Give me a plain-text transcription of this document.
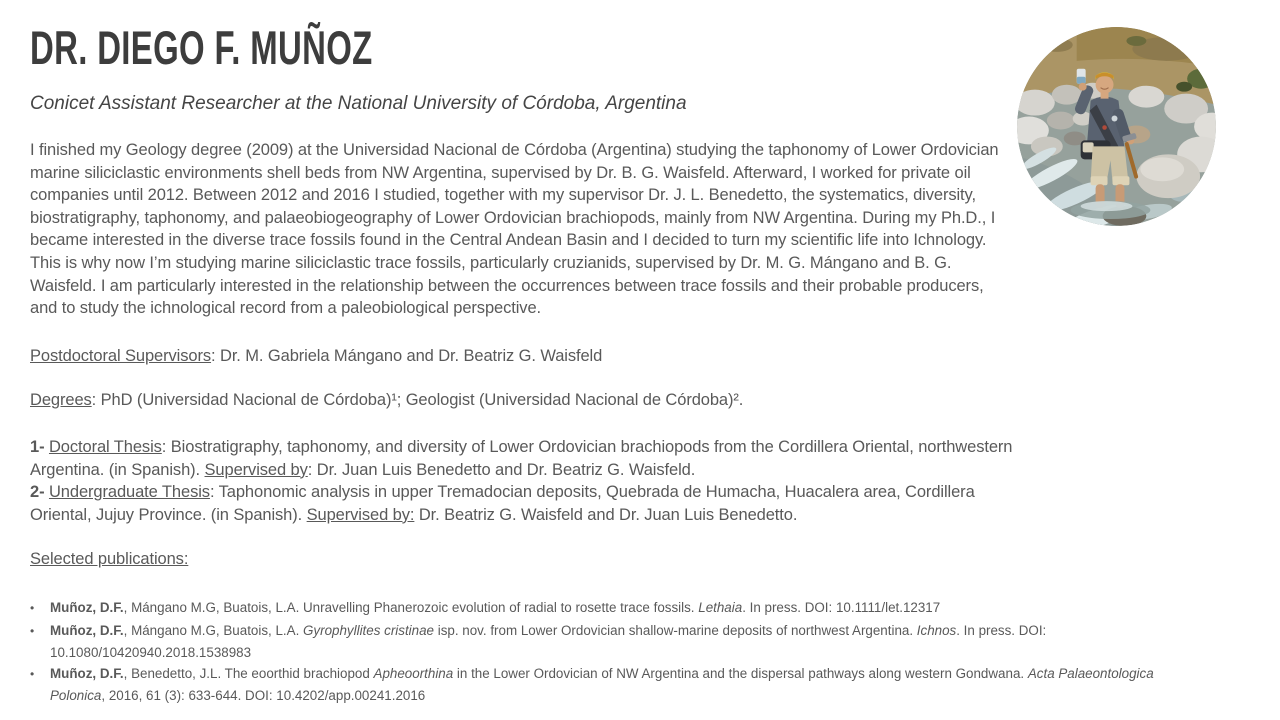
DR. DIEGO F. MUÑOZ
Conicet Assistant Researcher at the National University of Córdoba, Argentina

I finished my Geology degree (2009) at the Universidad Nacional de Córdoba (Argentina) studying the taphonomy of Lower Ordovician marine siliciclastic environments shell beds from NW Argentina, supervised by Dr. B. G. Waisfeld. Afterward, I worked for private oil companies until 2012. Between 2012 and 2016 I studied, together with my supervisor Dr. J. L. Benedetto, the systematics, diversity, biostratigraphy, taphonomy, and palaeobiogeography of Lower Ordovician brachiopods, mainly from NW Argentina. During my Ph.D., I became interested in the diverse trace fossils found in the Central Andean Basin and I decided to turn my scientific life into Ichnology. This is why now I’m studying marine siliciclastic trace fossils, particularly cruzianids, supervised by Dr. M. G. Mángano and B. G. Waisfeld. I am particularly interested in the relationship between the occurrences between trace fossils and their probable producers, and to study the ichnological record from a paleobiological perspective.

Postdoctoral Supervisors: Dr. M. Gabriela Mángano and Dr. Beatriz G. Waisfeld

Degrees: PhD (Universidad Nacional de Córdoba)¹; Geologist (Universidad Nacional de Córdoba)².

1- Doctoral Thesis: Biostratigraphy, taphonomy, and diversity of Lower Ordovician brachiopods from the Cordillera Oriental, northwestern Argentina. (in Spanish). Supervised by: Dr. Juan Luis Benedetto and Dr. Beatriz G. Waisfeld.

2- Undergraduate Thesis: Taphonomic analysis in upper Tremadocian deposits, Quebrada de Humacha, Huacalera area, Cordillera Oriental, Jujuy Province. (in Spanish). Supervised by: Dr. Beatriz G. Waisfeld and Dr. Juan Luis Benedetto.

Selected publications:

•	Muñoz, D.F., Mángano M.G, Buatois, L.A. Unravelling Phanerozoic evolution of radial to rosette trace fossils. Lethaia. In press. DOI: 10.1111/let.12317
•	Muñoz, D.F., Mángano M.G, Buatois, L.A. Gyrophyllites cristinae isp. nov. from Lower Ordovician shallow-marine deposits of northwest Argentina. Ichnos. In press. DOI: 10.1080/10420940.2018.1538983
•	Muñoz, D.F., Benedetto, J.L. The eoorthid brachiopod Apheoorthina in the Lower Ordovician of NW Argentina and the dispersal pathways along western Gondwana. Acta Palaeontologica Polonica, 2016, 61 (3): 633-644. DOI: 10.4202/app.00241.2016
